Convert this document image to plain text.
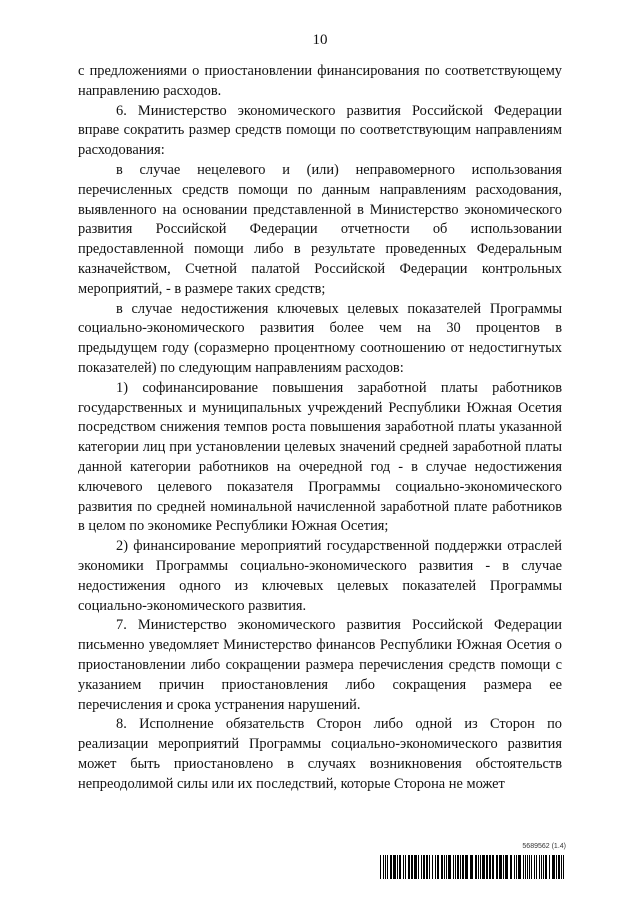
10

с предложениями о приостановлении финансирования по соответствующему направлению расходов.

6. Министерство экономического развития Российской Федерации вправе сократить размер средств помощи по соответствующим направлениям расходования:

в случае нецелевого и (или) неправомерного использования перечисленных средств помощи по данным направлениям расходования, выявленного на основании представленной в Министерство экономического развития Российской Федерации отчетности об использовании предоставленной помощи либо в результате проведенных Федеральным казначейством, Счетной палатой Российской Федерации контрольных мероприятий, - в размере таких средств;

в случае недостижения ключевых целевых показателей Программы социально-экономического развития более чем на 30 процентов в предыдущем году (соразмерно процентному соотношению от недостигнутых показателей) по следующим направлениям расходов:

1) софинансирование повышения заработной платы работников государственных и муниципальных учреждений Республики Южная Осетия посредством снижения темпов роста повышения заработной платы указанной категории лиц при установлении целевых значений средней заработной платы данной категории работников на очередной год - в случае недостижения ключевого целевого показателя Программы социально-экономического развития по средней номинальной начисленной заработной плате работников в целом по экономике Республики Южная Осетия;

2) финансирование мероприятий государственной поддержки отраслей экономики Программы социально-экономического развития - в случае недостижения одного из ключевых целевых показателей Программы социально-экономического развития.

7. Министерство экономического развития Российской Федерации письменно уведомляет Министерство финансов Республики Южная Осетия о приостановлении либо сокращении размера перечисления средств помощи с указанием причин приостановления либо сокращения размера ее перечисления и срока устранения нарушений.

8. Исполнение обязательств Сторон либо одной из Сторон по реализации мероприятий Программы социально-экономического развития может быть приостановлено в случаях возникновения обстоятельств непреодолимой силы или их последствий, которые Сторона не может

5689562 (1.4)
